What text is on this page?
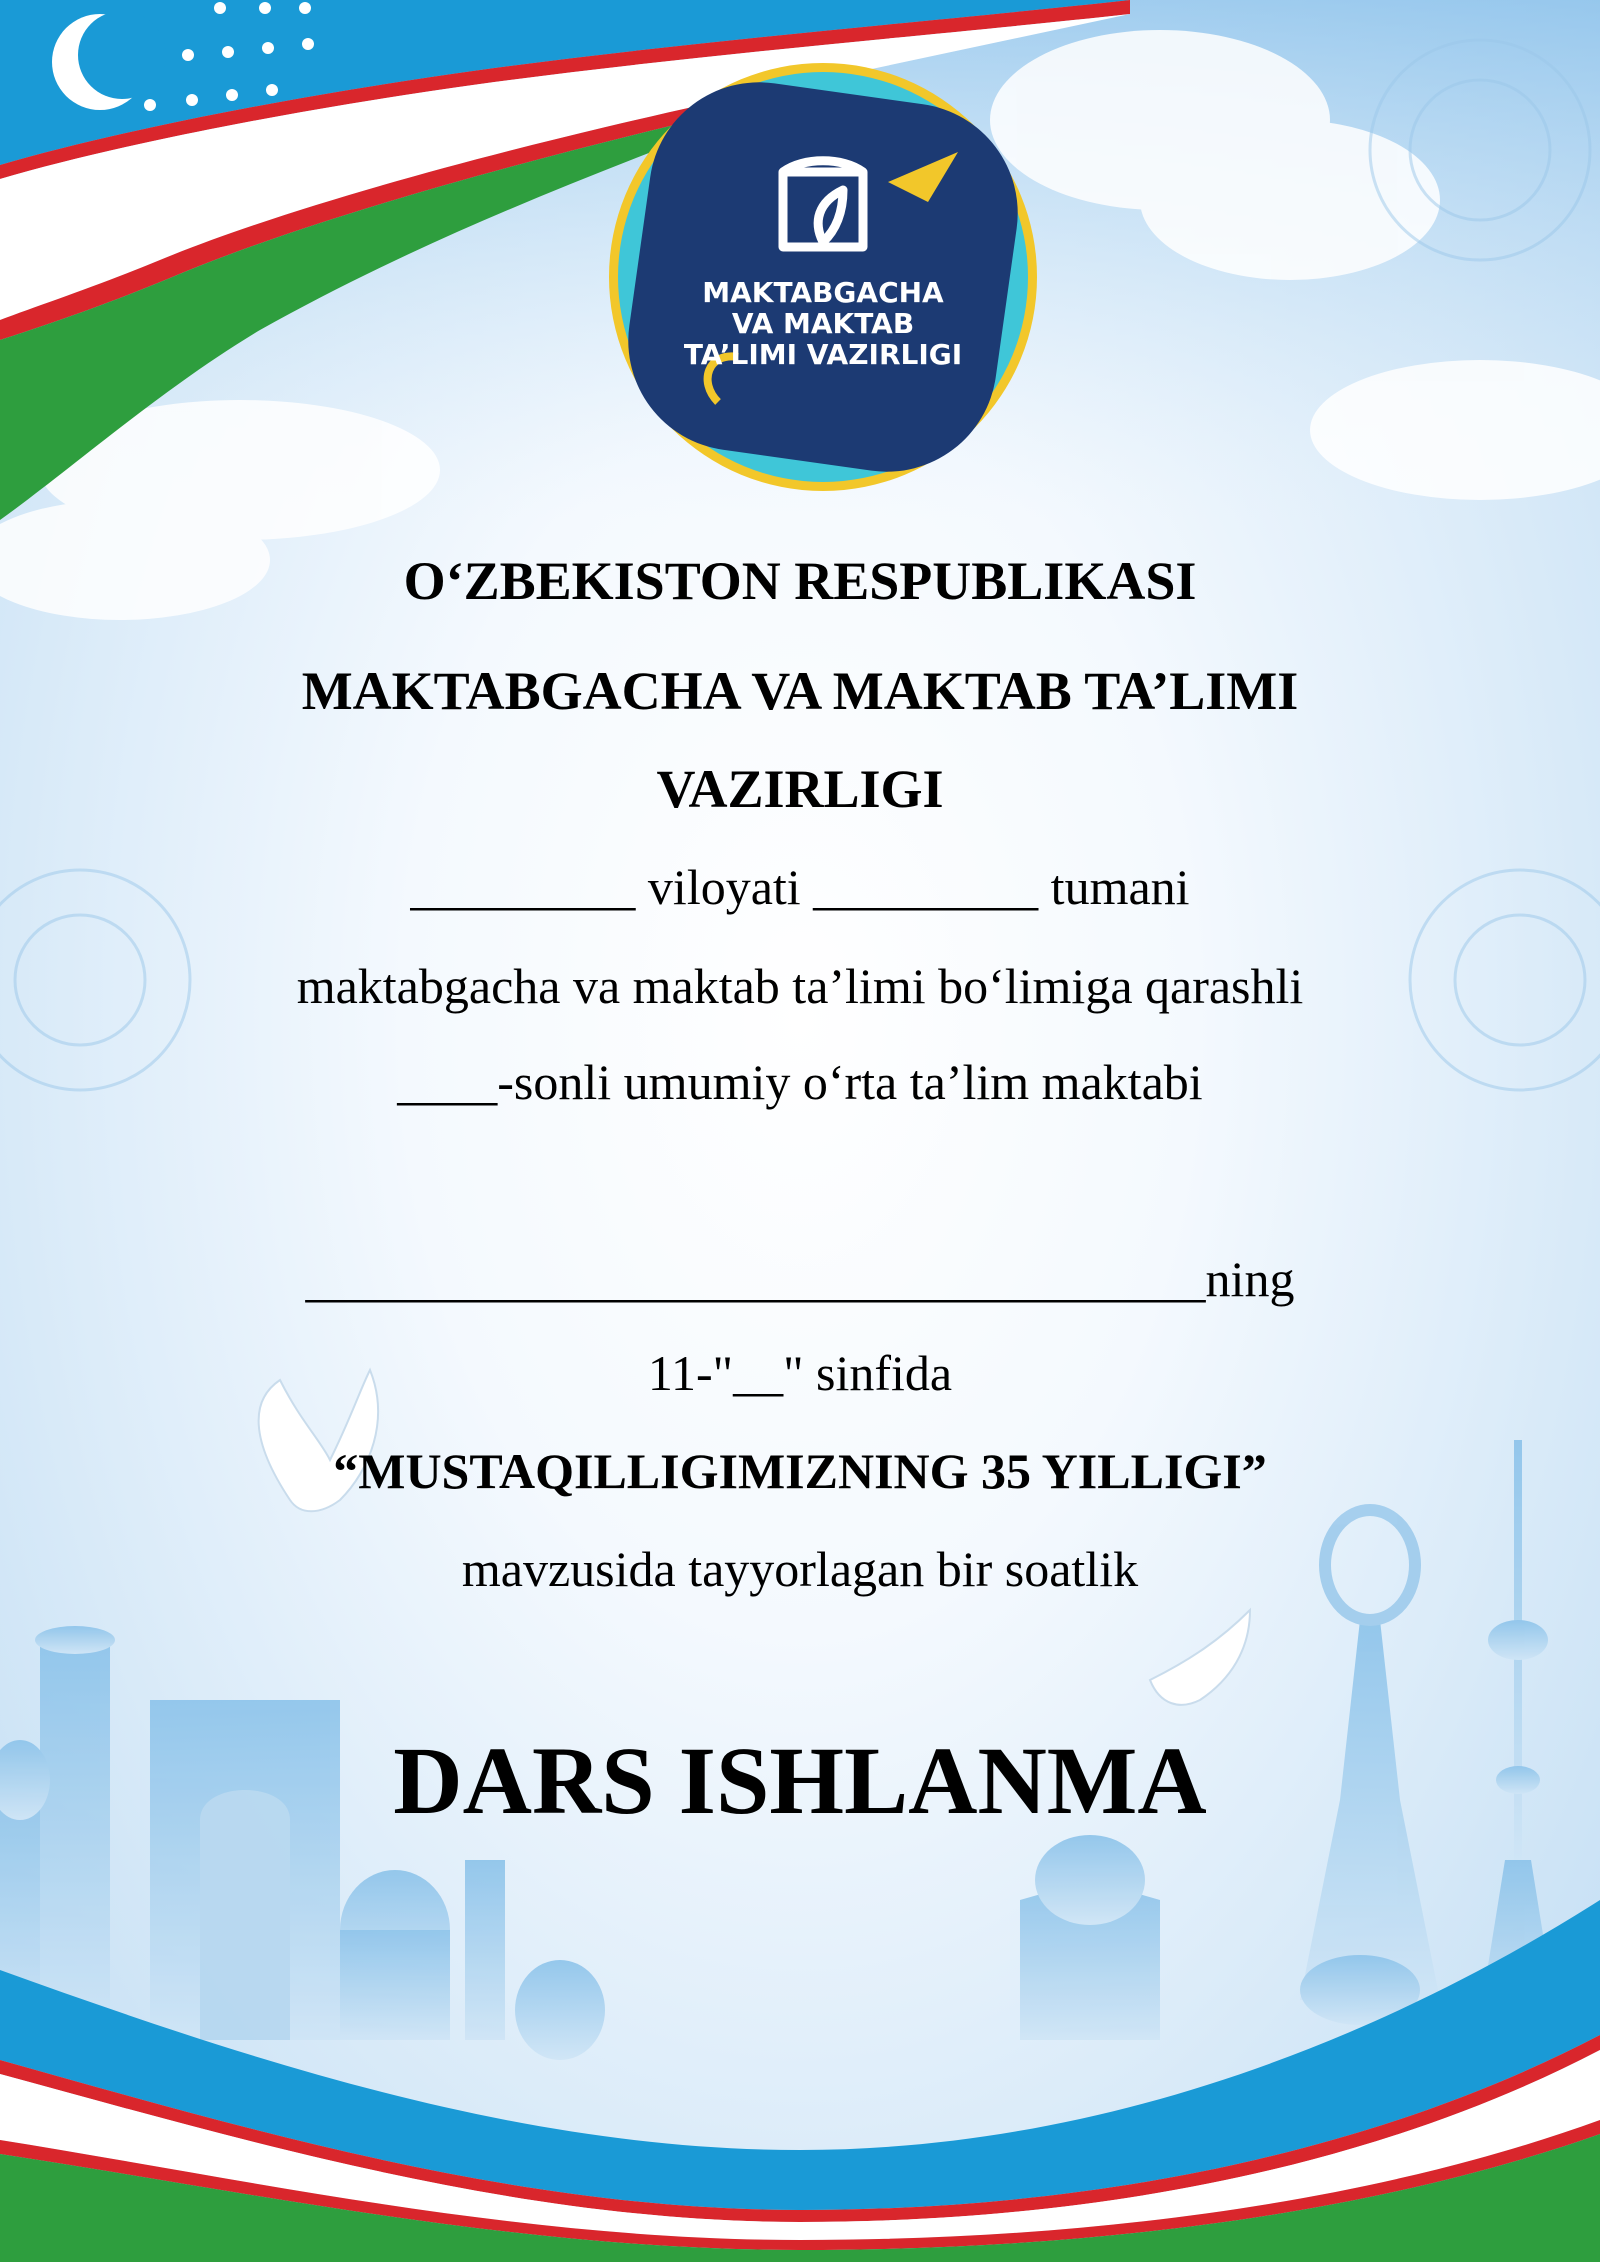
MAKTABGACHA
VA MAKTAB
TA’LIMI VAZIRLIGI

O‘ZBEKISTON RESPUBLIKASI

MAKTABGACHA VA MAKTAB TA’LIMI

VAZIRLIGI

_________ viloyati _________ tumani

maktabgacha va maktab ta’limi bo‘limiga qarashli

____-sonli umumiy o‘rta ta’lim maktabi

____________________________________ning

11-"__" sinfida

“MUSTAQILLIGIMIZNING 35 YILLIGI”

mavzusida tayyorlagan bir soatlik

DARS ISHLANMA
